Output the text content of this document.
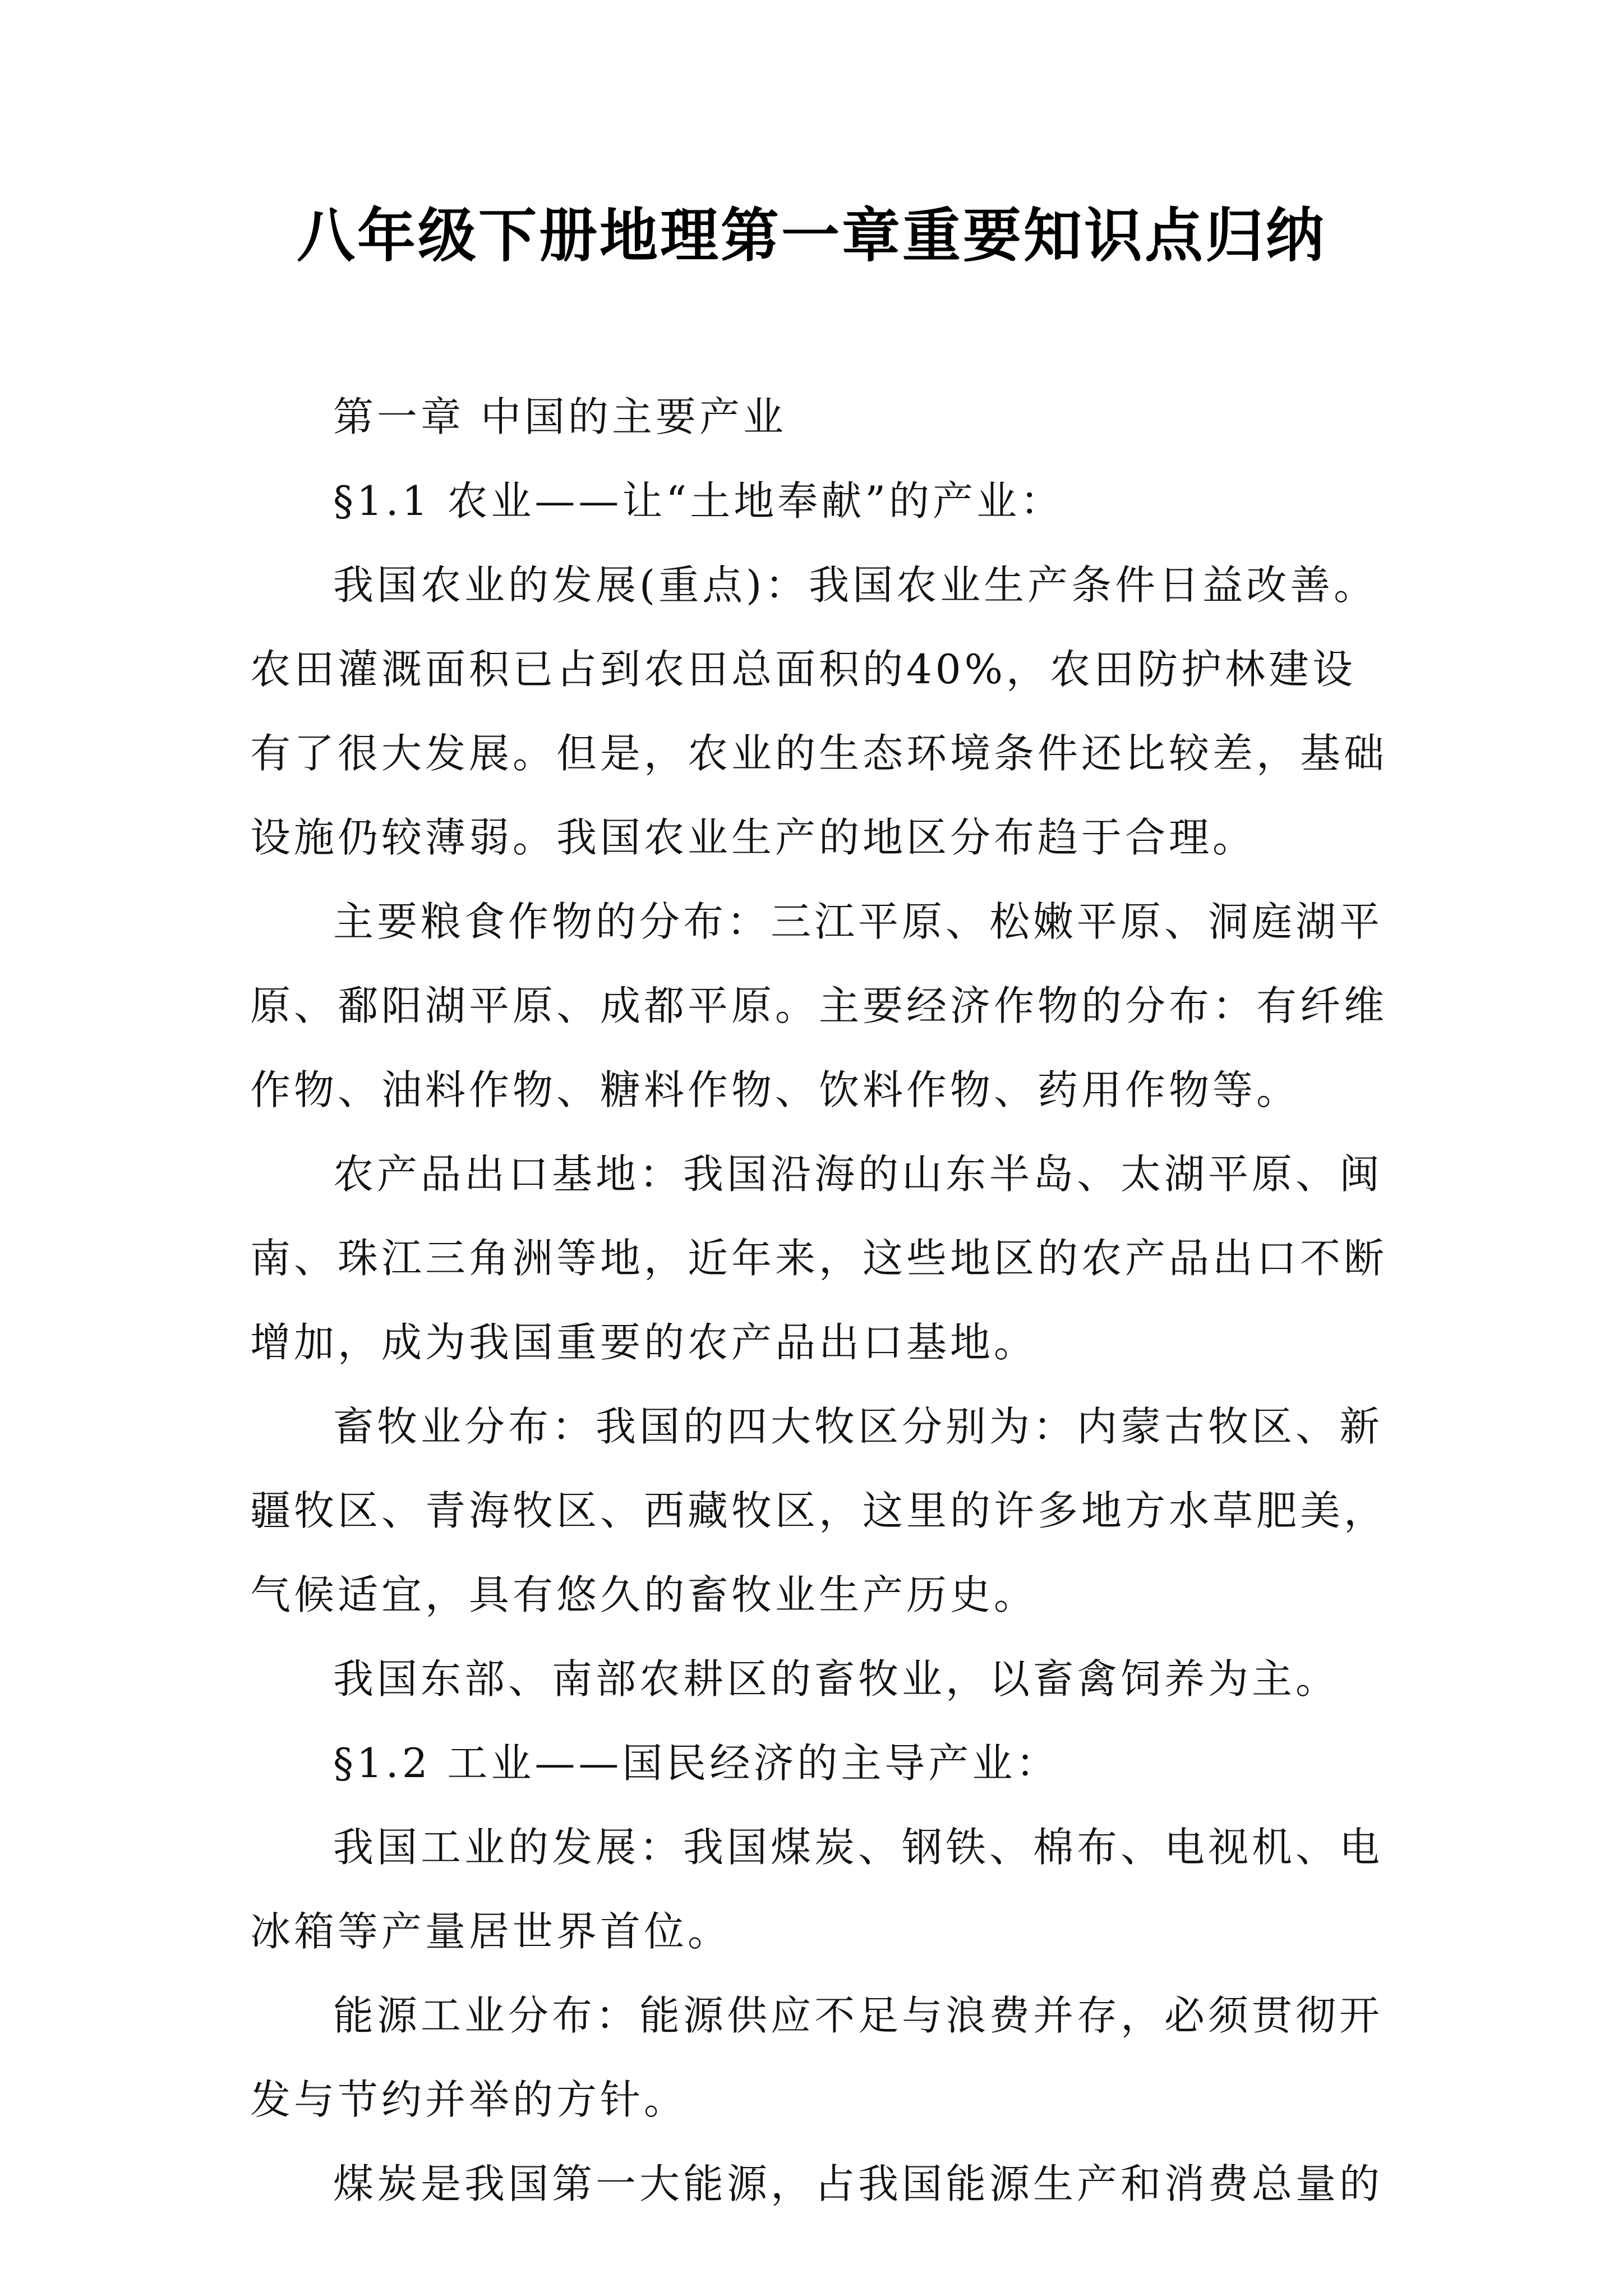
八年级下册地理第一章重要知识点归纳

第一章 中国的主要产业

§1.1 农业——让“土地奉献”的产业：

我国农业的发展(重点)：我国农业生产条件日益改善。农田灌溉面积已占到农田总面积的40%，农田防护林建设有了很大发展。但是，农业的生态环境条件还比较差，基础设施仍较薄弱。我国农业生产的地区分布趋于合理。

主要粮食作物的分布：三江平原、松嫩平原、洞庭湖平原、鄱阳湖平原、成都平原。主要经济作物的分布：有纤维作物、油料作物、糖料作物、饮料作物、药用作物等。

农产品出口基地：我国沿海的山东半岛、太湖平原、闽南、珠江三角洲等地，近年来，这些地区的农产品出口不断增加，成为我国重要的农产品出口基地。

畜牧业分布：我国的四大牧区分别为：内蒙古牧区、新疆牧区、青海牧区、西藏牧区，这里的许多地方水草肥美，气候适宜，具有悠久的畜牧业生产历史。

我国东部、南部农耕区的畜牧业，以畜禽饲养为主。

§1.2 工业——国民经济的主导产业：

我国工业的发展：我国煤炭、钢铁、棉布、电视机、电冰箱等产量居世界首位。

能源工业分布：能源供应不足与浪费并存，必须贯彻开发与节约并举的方针。

煤炭是我国第一大能源，占我国能源生产和消费总量的
